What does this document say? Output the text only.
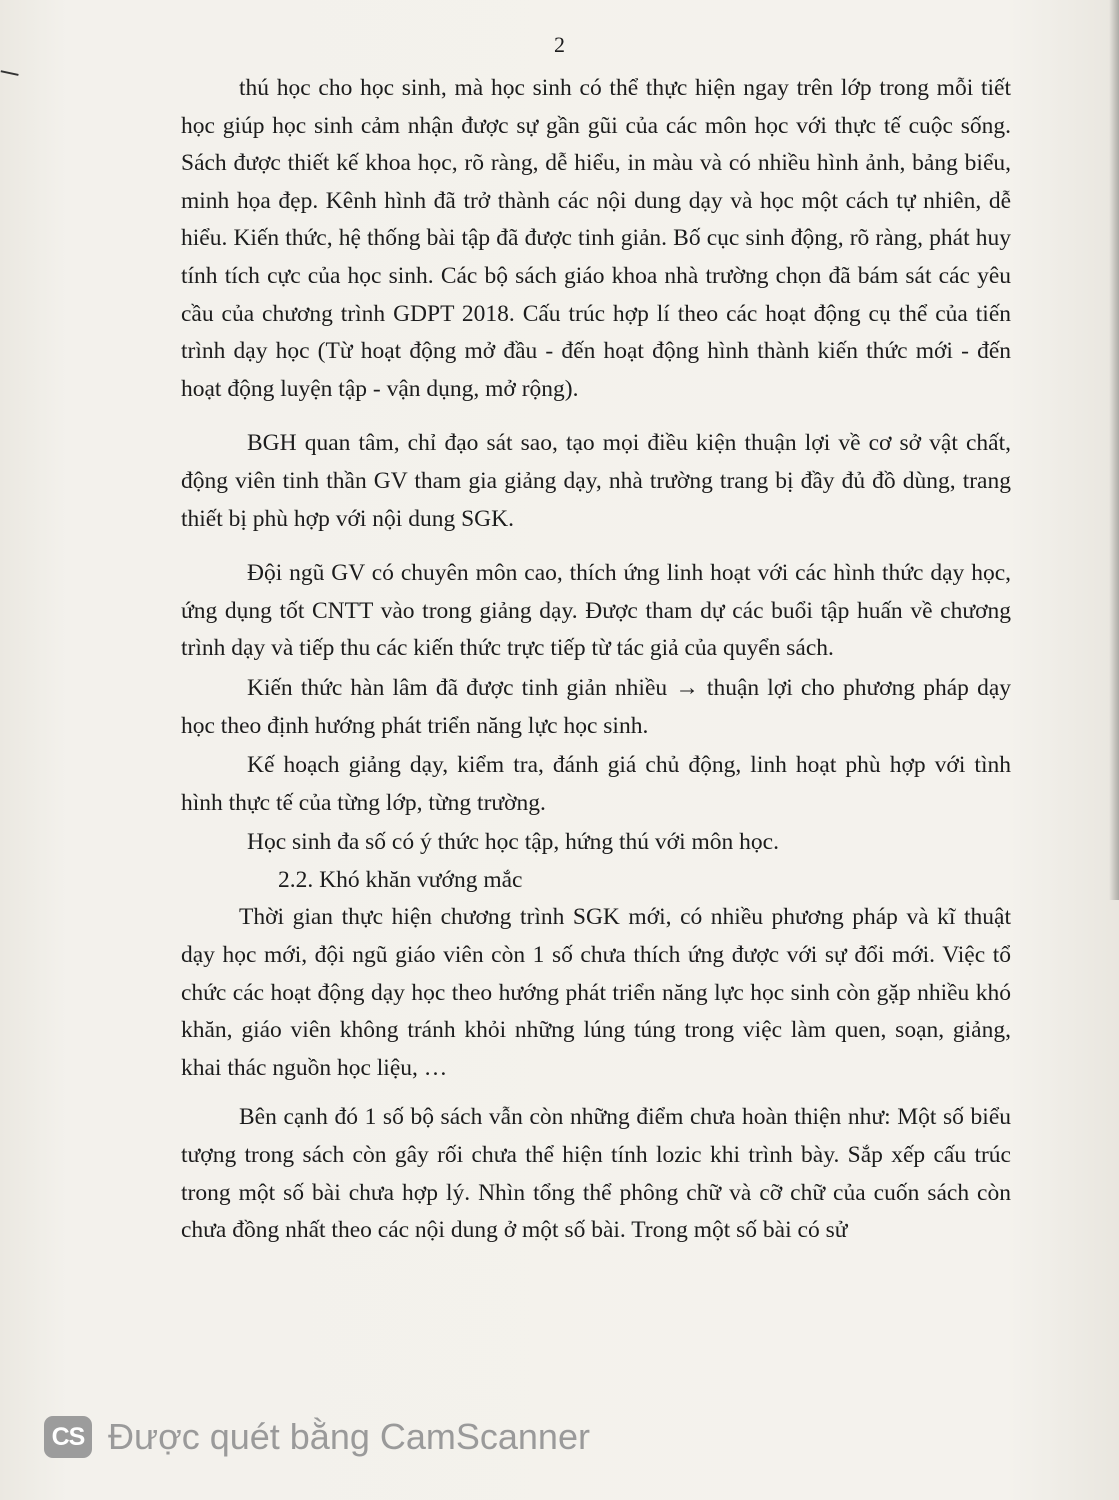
2

thú học cho học sinh, mà học sinh có thể thực hiện ngay trên lớp trong mỗi tiết học giúp học sinh cảm nhận được sự gần gũi của các môn học với thực tế cuộc sống. Sách được thiết kế khoa học, rõ ràng, dễ hiểu, in màu và có nhiều hình ảnh, bảng biểu, minh họa đẹp. Kênh hình đã trở thành các nội dung dạy và học một cách tự nhiên, dễ hiểu. Kiến thức, hệ thống bài tập đã được tinh giản. Bố cục sinh động, rõ ràng, phát huy tính tích cực của học sinh. Các bộ sách giáo khoa nhà trường chọn đã bám sát các yêu cầu của chương trình GDPT 2018. Cấu trúc hợp lí theo các hoạt động cụ thể của tiến trình dạy học (Từ hoạt động mở đầu - đến hoạt động hình thành kiến thức mới - đến hoạt động luyện tập - vận dụng, mở rộng).

BGH quan tâm, chỉ đạo sát sao, tạo mọi điều kiện thuận lợi về cơ sở vật chất, động viên tinh thần GV tham gia giảng dạy, nhà trường trang bị đầy đủ đồ dùng, trang thiết bị phù hợp với nội dung SGK.

Đội ngũ GV có chuyên môn cao, thích ứng linh hoạt với các hình thức dạy học, ứng dụng tốt CNTT vào trong giảng dạy. Được tham dự các buổi tập huấn về chương trình dạy và tiếp thu các kiến thức trực tiếp từ tác giả của quyển sách.

Kiến thức hàn lâm đã được tinh giản nhiều → thuận lợi cho phương pháp dạy học theo định hướng phát triển năng lực học sinh.

Kế hoạch giảng dạy, kiểm tra, đánh giá chủ động, linh hoạt phù hợp với tình hình thực tế của từng lớp, từng trường.

Học sinh đa số có ý thức học tập, hứng thú với môn học.

2.2. Khó khăn vướng mắc

Thời gian thực hiện chương trình SGK mới, có nhiều phương pháp và kĩ thuật dạy học mới, đội ngũ giáo viên còn 1 số chưa thích ứng được với sự đổi mới. Việc tổ chức các hoạt động dạy học theo hướng phát triển năng lực học sinh còn gặp nhiều khó khăn, giáo viên không tránh khỏi những lúng túng trong việc làm quen, soạn, giảng, khai thác nguồn học liệu, …

Bên cạnh đó 1 số bộ sách vẫn còn những điểm chưa hoàn thiện như: Một số biểu tượng trong sách còn gây rối chưa thể hiện tính lozic khi trình bày. Sắp xếp cấu trúc trong một số bài chưa hợp lý. Nhìn tổng thể phông chữ và cỡ chữ của cuốn sách còn chưa đồng nhất theo các nội dung ở một số bài. Trong một số bài có sử

CS Được quét bằng CamScanner
